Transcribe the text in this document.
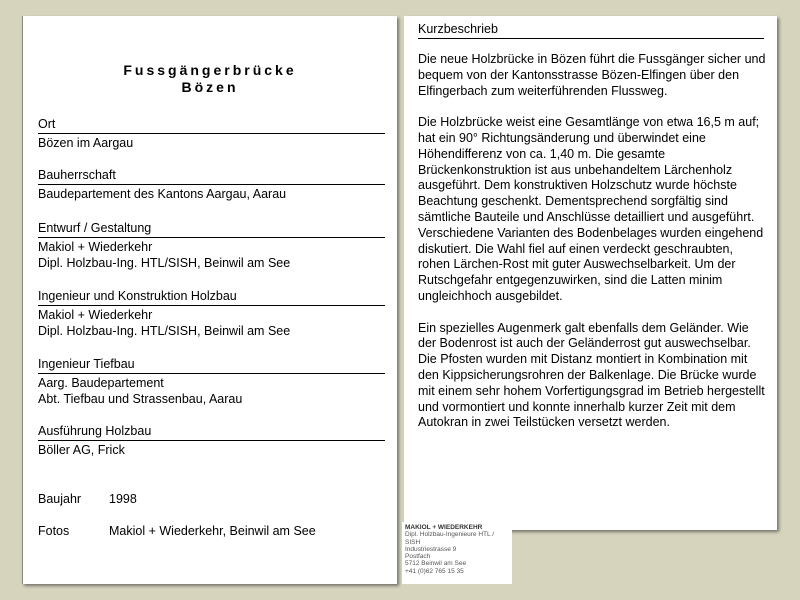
Fussgängerbrücke
Bözen
Ort
Bözen im Aargau
Bauherrschaft
Baudepartement des Kantons Aargau, Aarau
Entwurf / Gestaltung
Makiol + Wiederkehr
Dipl. Holzbau-Ing. HTL/SISH, Beinwil am See
Ingenieur und Konstruktion Holzbau
Makiol + Wiederkehr
Dipl. Holzbau-Ing. HTL/SISH, Beinwil am See
Ingenieur Tiefbau
Aarg. Baudepartement
Abt. Tiefbau und Strassenbau, Aarau
Ausführung Holzbau
Böller AG, Frick
Baujahr 1998
Fotos	Makiol + Wiederkehr, Beinwil am See
Kurzbeschrieb

Die neue Holzbrücke in Bözen führt die Fussgänger sicher und bequem von der Kantonsstrasse Bözen-Elfingen über den Elfingerbach zum weiterführenden Flussweg.

Die Holzbrücke weist eine Gesamtlänge von etwa 16,5 m auf; hat ein 90° Richtungsänderung und überwindet eine Höhendifferenz von ca. 1,40 m. Die gesamte Brückenkonstruktion ist aus unbehandeltem Lärchenholz ausgeführt. Dem konstruktiven Holzschutz wurde höchste Beachtung geschenkt. Dementsprechend sorgfältig sind sämtliche Bauteile und Anschlüsse detailliert und ausgeführt. Verschiedene Varianten des Bodenbelages wurden eingehend diskutiert. Die Wahl fiel auf einen verdeckt geschraubten, rohen Lärchen-Rost mit guter Auswechselbarkeit. Um der Rutschgefahr entgegenzuwirken, sind die Latten minim ungleichhoch ausgebildet.

Ein spezielles Augenmerk galt ebenfalls dem Geländer. Wie der Bodenrost ist auch der Geländerrost gut auswechselbar. Die Pfosten wurden mit Distanz montiert in Kombination mit den Kippsicherungsrohren der Balkenlage. Die Brücke wurde mit einem sehr hohem Vorfertigungsgrad im Betrieb hergestellt und vormontiert und konnte innerhalb kurzer Zeit mit dem Autokran in zwei Teilstücken versetzt werden.

MAKIOL + WIEDERKEHR
Dipl. Holzbau-Ingenieure HTL / SISH
Industriestrasse 9
Postfach
5712 Beinwil am See
+41 (0)62 765 15 35
